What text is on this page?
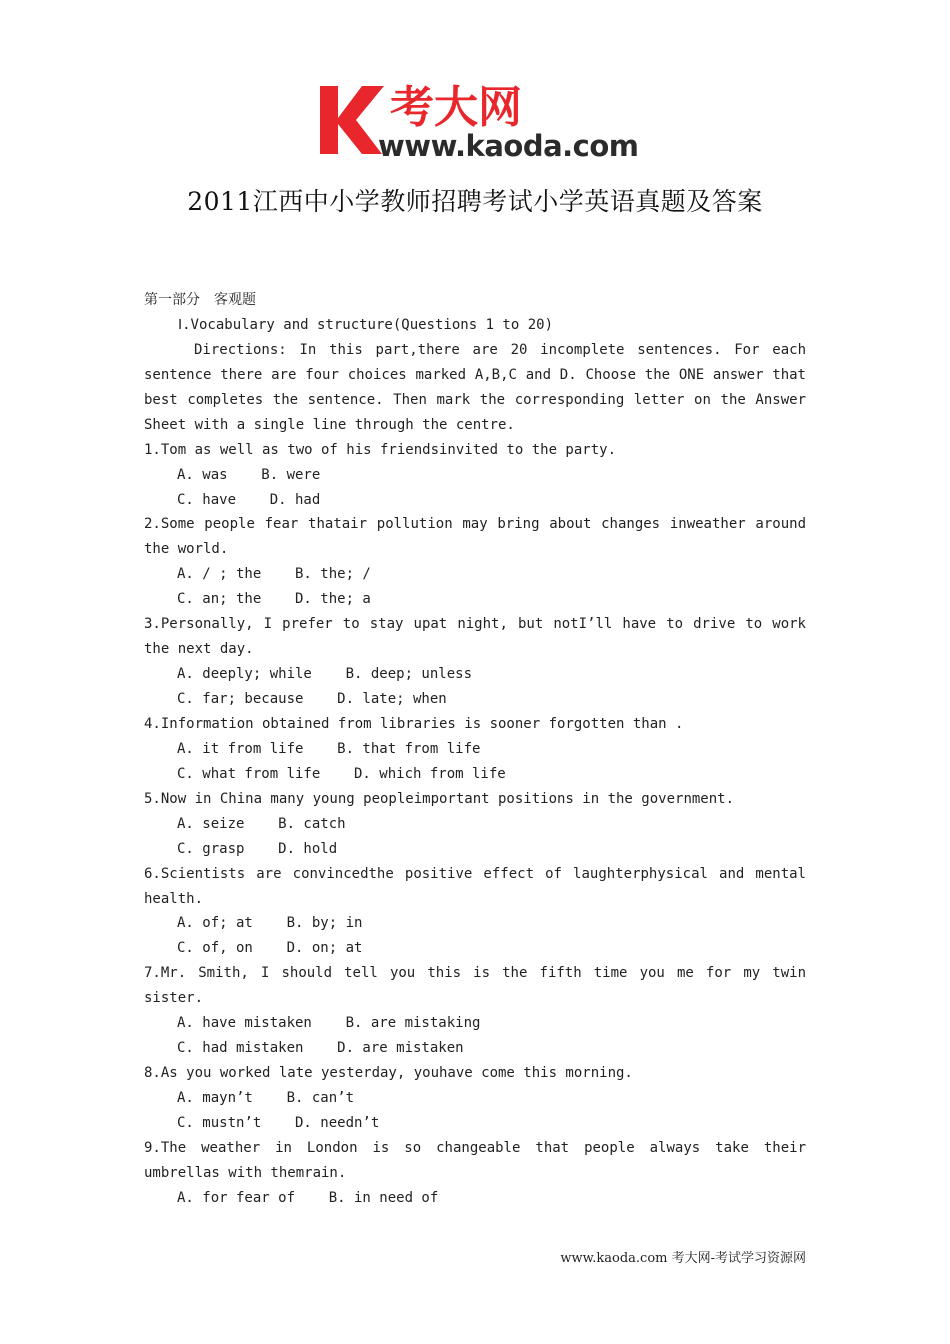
考大网
www.kaoda.com
2011江西中小学教师招聘考试小学英语真题及答案
第一部分　客观题
Ⅰ.Vocabulary and structure(Questions 1 to 20)
Directions: In this part,there are 20 incomplete sentences. For each
sentence there are four choices marked A,B,C and D. Choose the ONE answer that
best completes the sentence. Then mark the corresponding letter on the Answer
Sheet with a single line through the centre.
1.Tom as well as two of his friendsinvited to the party.
A. was    B. were
C. have    D. had
2.Some people fear thatair pollution may bring about changes inweather around
the world.
A. / ; the    B. the; /
C. an; the    D. the; a
3.Personally, I prefer to stay upat night, but notI’ll have to drive to work
the next day.
A. deeply; while    B. deep; unless
C. far; because    D. late; when
4.Information obtained from libraries is sooner forgotten than .
A. it from life    B. that from life
C. what from life    D. which from life
5.Now in China many young peopleimportant positions in the government.
A. seize    B. catch
C. grasp    D. hold
6.Scientists are convincedthe positive effect of laughterphysical and mental
health.
A. of; at    B. by; in
C. of, on    D. on; at
7.Mr. Smith, I should tell you this is the fifth time you me for my twin
sister.
A. have mistaken    B. are mistaking
C. had mistaken    D. are mistaken
8.As you worked late yesterday, youhave come this morning.
A. mayn’t    B. can’t
C. mustn’t    D. needn’t
9.The weather in London is so changeable that people always take their
umbrellas with themrain.
A. for fear of    B. in need of
www.kaoda.com 考大网-考试学习资源网
